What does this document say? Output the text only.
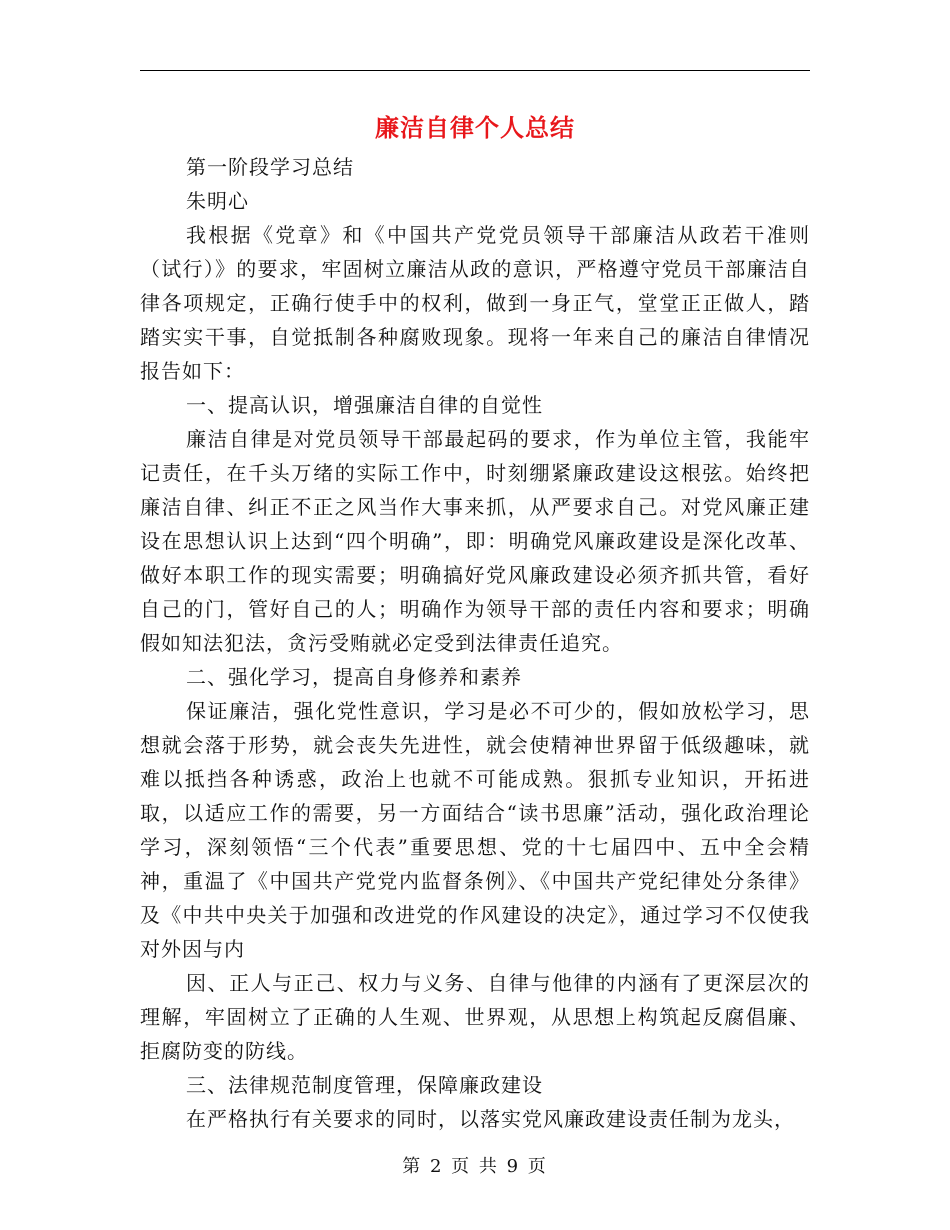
廉洁自律个人总结

第一阶段学习总结

朱明心

我根据《党章》和《中国共产党党员领导干部廉洁从政若干准则（试行）》的要求，牢固树立廉洁从政的意识，严格遵守党员干部廉洁自律各项规定，正确行使手中的权利，做到一身正气，堂堂正正做人，踏踏实实干事，自觉抵制各种腐败现象。现将一年来自己的廉洁自律情况报告如下：

一、提高认识，增强廉洁自律的自觉性

廉洁自律是对党员领导干部最起码的要求，作为单位主管，我能牢记责任，在千头万绪的实际工作中，时刻绷紧廉政建设这根弦。始终把廉洁自律、纠正不正之风当作大事来抓，从严要求自己。对党风廉正建设在思想认识上达到“四个明确”，即：明确党风廉政建设是深化改革、做好本职工作的现实需要；明确搞好党风廉政建设必须齐抓共管，看好自己的门，管好自己的人；明确作为领导干部的责任内容和要求；明确假如知法犯法，贪污受贿就必定受到法律责任追究。

二、强化学习，提高自身修养和素养

保证廉洁，强化党性意识，学习是必不可少的，假如放松学习，思想就会落于形势，就会丧失先进性，就会使精神世界留于低级趣味，就难以抵挡各种诱惑，政治上也就不可能成熟。狠抓专业知识，开拓进取，以适应工作的需要，另一方面结合“读书思廉”活动，强化政治理论学习，深刻领悟“三个代表”重要思想、党的十七届四中、五中全会精神，重温了《中国共产党党内监督条例》、《中国共产党纪律处分条律》及《中共中央关于加强和改进党的作风建设的决定》，通过学习不仅使我对外因与内

因、正人与正己、权力与义务、自律与他律的内涵有了更深层次的理解，牢固树立了正确的人生观、世界观，从思想上构筑起反腐倡廉、拒腐防变的防线。

三、法律规范制度管理，保障廉政建设

在严格执行有关要求的同时，以落实党风廉政建设责任制为龙头，

第 2 页 共 9 页
